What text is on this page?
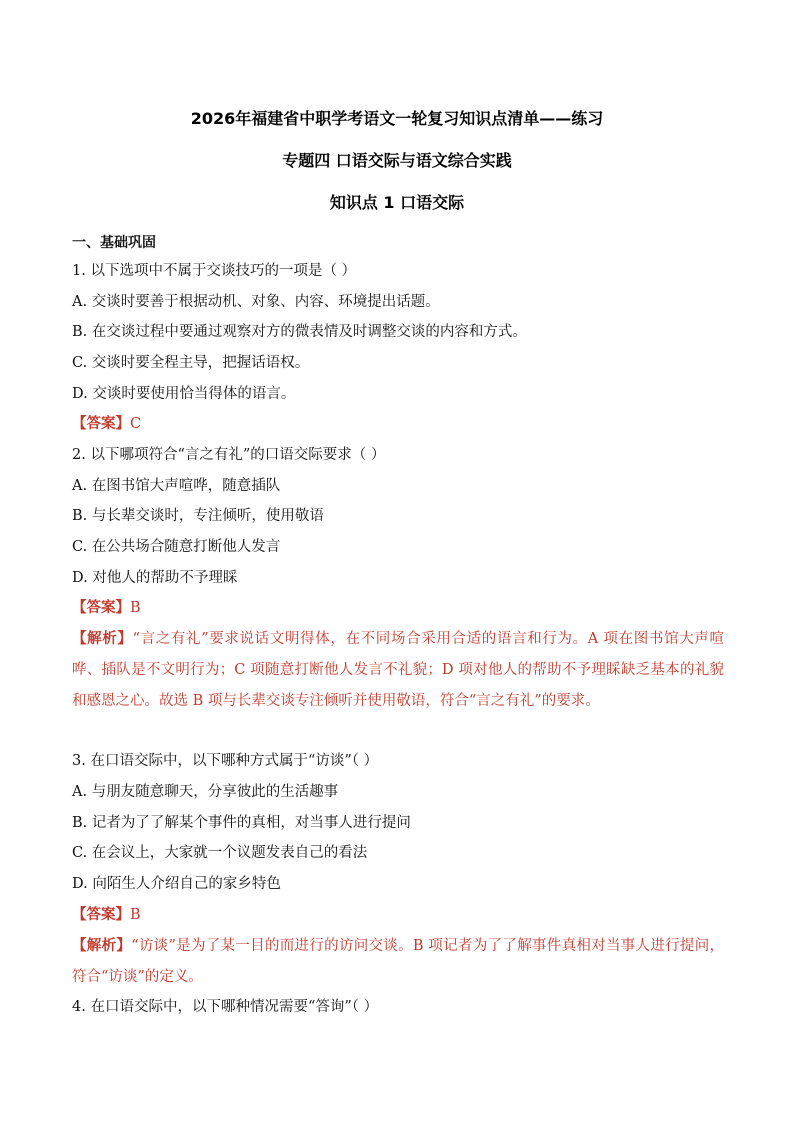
2026年福建省中职学考语文一轮复习知识点清单——练习
专题四 口语交际与语文综合实践
知识点 1 口语交际
一、基础巩固
1. 以下选项中不属于交谈技巧的一项是（ ）
A. 交谈时要善于根据动机、对象、内容、环境提出话题。
B. 在交谈过程中要通过观察对方的微表情及时调整交谈的内容和方式。
C. 交谈时要全程主导，把握话语权。
D. 交谈时要使用恰当得体的语言。
【答案】C
2. 以下哪项符合“言之有礼”的口语交际要求（ ）
A. 在图书馆大声喧哗，随意插队
B. 与长辈交谈时，专注倾听，使用敬语
C. 在公共场合随意打断他人发言
D. 对他人的帮助不予理睬
【答案】B
【解析】“言之有礼”要求说话文明得体，在不同场合采用合适的语言和行为。A 项在图书馆大声喧哗、插队是不文明行为；C 项随意打断他人发言不礼貌；D 项对他人的帮助不予理睬缺乏基本的礼貌和感恩之心。故选 B 项与长辈交谈专注倾听并使用敬语，符合“言之有礼”的要求。
3. 在口语交际中，以下哪种方式属于“访谈”（ ）
A. 与朋友随意聊天，分享彼此的生活趣事
B. 记者为了了解某个事件的真相，对当事人进行提问
C. 在会议上，大家就一个议题发表自己的看法
D. 向陌生人介绍自己的家乡特色
【答案】B
【解析】“访谈”是为了某一目的而进行的访问交谈。B 项记者为了了解事件真相对当事人进行提问，符合“访谈”的定义。
4. 在口语交际中，以下哪种情况需要“答询”（ ）
